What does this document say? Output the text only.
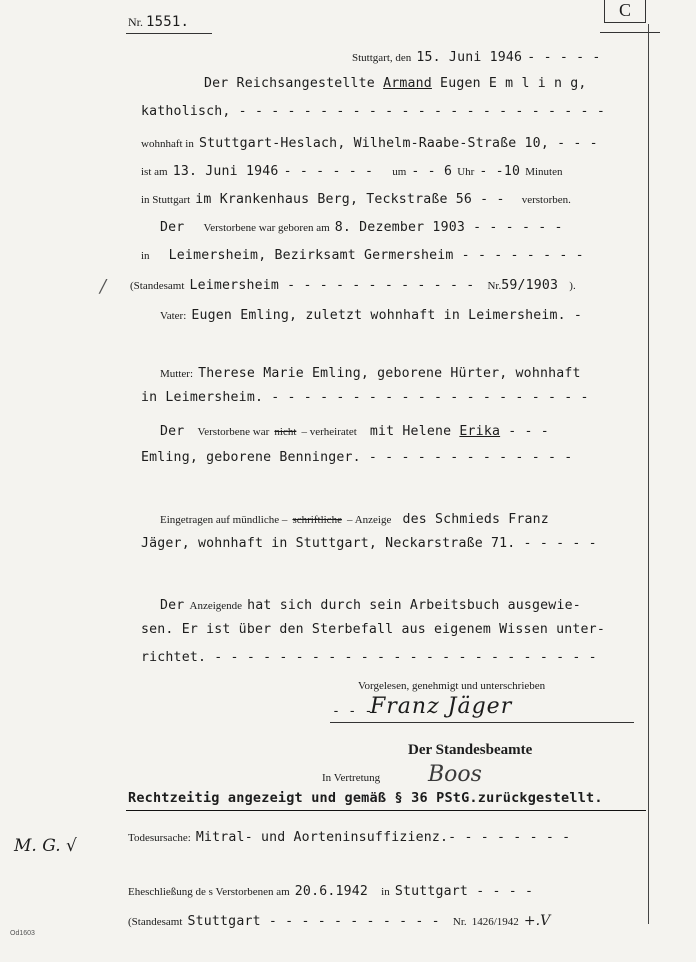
Nr. 1551.
C
Stuttgart, den 15. Juni 1946 - - - - -
Der Reichsangestellte Armand Eugen E m l i n g,
katholisch, - - - - - - - - - - - - - - - - - - - - - - -
wohnhaft in Stuttgart-Heslach, Wilhelm-Raabe-Straße 10, - - -
ist am 13. Juni 1946 - - - - - - um - - 6 Uhr - -10 Minuten
in Stuttgart im Krankenhaus Berg, Teckstraße 56 - - verstorben.
Der Verstorbene war geboren am 8. Dezember 1903 - - - - - -
in Leimersheim, Bezirksamt Germersheim - - - - - - - -
(Standesamt Leimersheim - - - - - - - - - - - - Nr.59/1903 ).
/
Vater: Eugen Emling, zuletzt wohnhaft in Leimersheim. -
Mutter: Therese Marie Emling, geborene Hürter, wohnhaft
in Leimersheim. - - - - - - - - - - - - - - - - - - - -
Der Verstorbene war nicht – verheiratet mit Helene Erika - - -
Emling, geborene Benninger. - - - - - - - - - - - - -
Eingetragen auf mündliche – schriftliche – Anzeige des Schmieds Franz
Jäger, wohnhaft in Stuttgart, Neckarstraße 71. - - - - -
Der Anzeigende hat sich durch sein Arbeitsbuch ausgewie-
sen. Er ist über den Sterbefall aus eigenem Wissen unter-
richtet. - - - - - - - - - - - - - - - - - - - - - - - -
Vorgelesen, genehmigt und unterschrieben
- - -
Franz Jäger
Der Standesbeamte
In Vertretung Boos
Rechtzeitig angezeigt und gemäß § 36 PStG.zurückgestellt.
Todesursache: Mitral- und Aorteninsuffizienz.- - - - - - - -
M. G. √
Eheschließung de s Verstorbenen am 20.6.1942 in Stuttgart - - - -
(Standesamt Stuttgart - - - - - - - - - - - Nr. 1426/1942 +.V
Od1603
